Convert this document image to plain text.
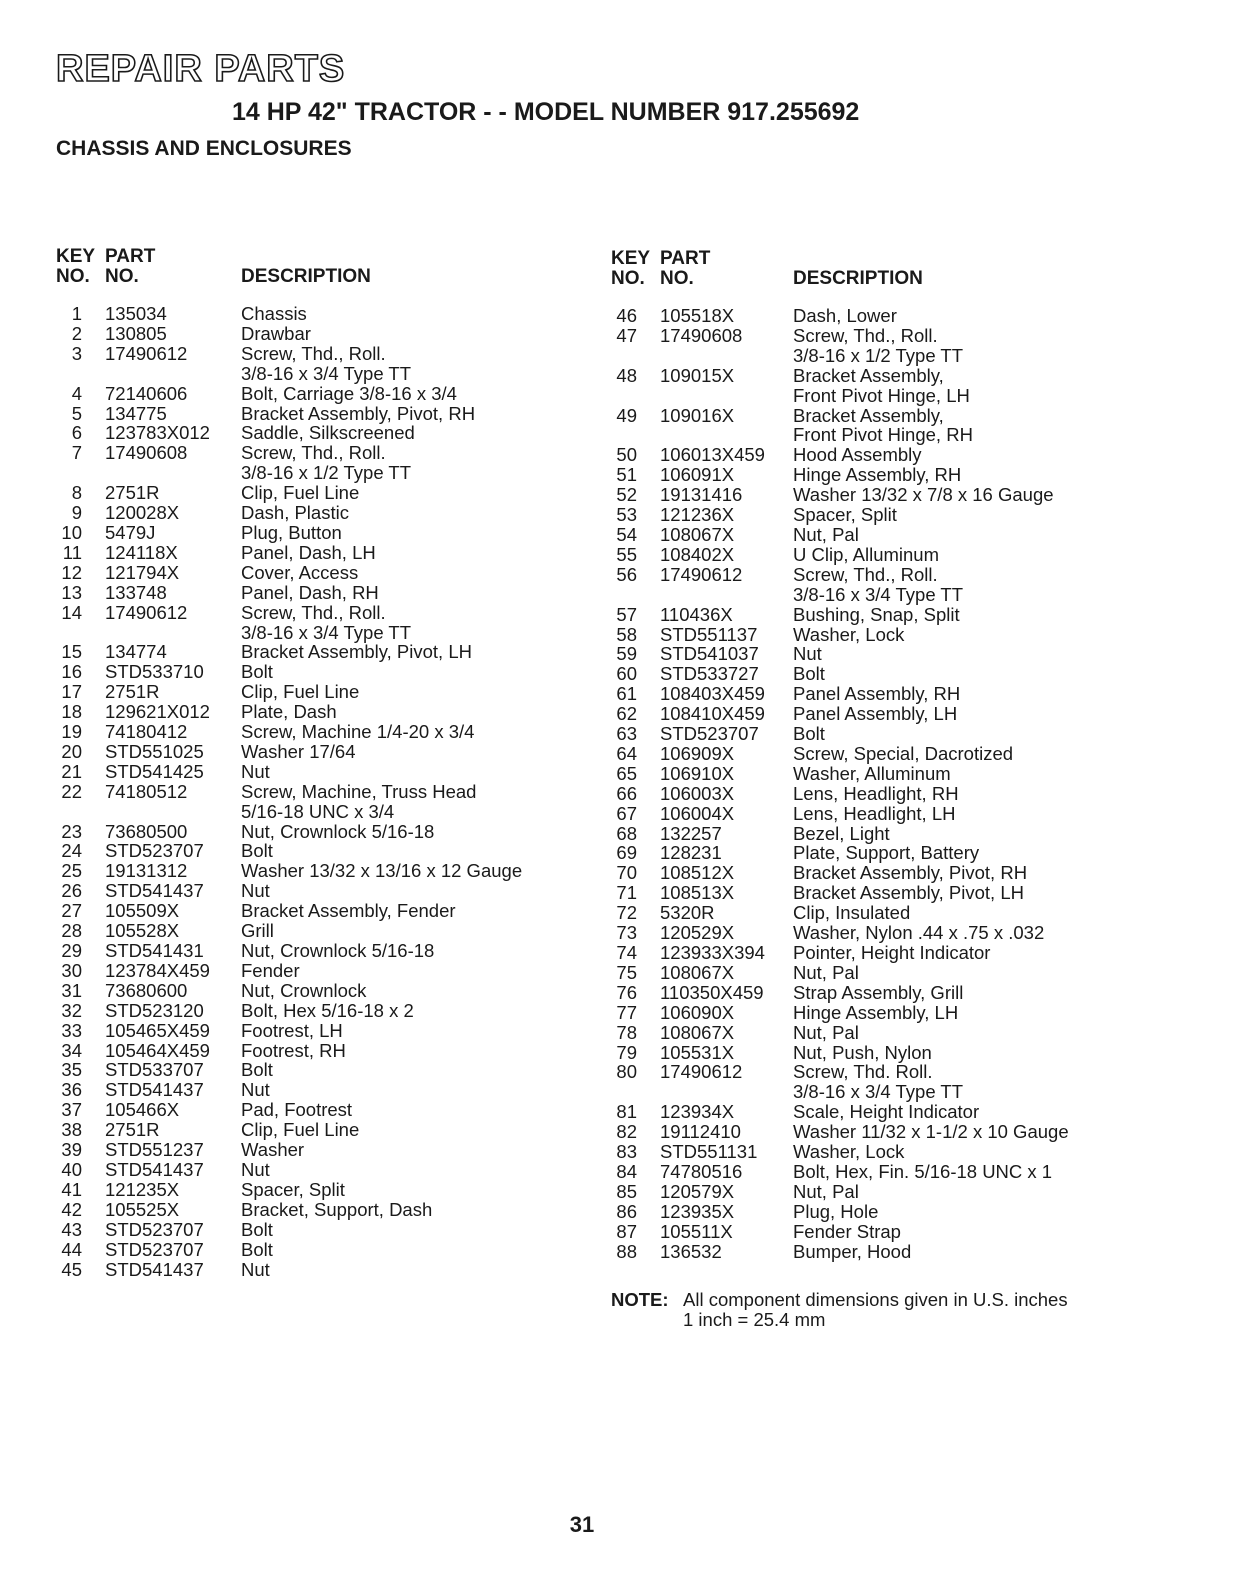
REPAIR PARTS
14 HP 42" TRACTOR - - MODEL NUMBER 917.255692
CHASSIS AND ENCLOSURES
KEY
NO.
PART
NO.	DESCRIPTION
1 135034	Chassis
2 130805	Drawbar
3 17490612	Screw, Thd., Roll.
3/8-16 x 3/4 Type TT
4 72140606	Bolt, Carriage 3/8-16 x 3/4
5 134775	Bracket Assembly, Pivot, RH
6 123783X012 Saddle, Silkscreened
7 17490608	Screw, Thd., Roll.
3/8-16 x 1/2 Type TT
8 2751R	Clip, Fuel Line
9 120028X	Dash, Plastic
10 5479J	Plug, Button
11 124118X	Panel, Dash, LH
12 121794X	Cover, Access
13 133748	Panel, Dash, RH
14 17490612	Screw, Thd., Roll.
3/8-16 x 3/4 Type TT
15 134774	Bracket Assembly, Pivot, LH
16 STD533710 Bolt
17 2751R	Clip, Fuel Line
18 129621X012 Plate, Dash
19 74180412	Screw, Machine 1/4-20 x 3/4
20 STD551025 Washer 17/64
21 STD541425 Nut
22 74180512	Screw, Machine, Truss Head
5/16-18 UNC x 3/4
23 73680500	Nut, Crownlock 5/16-18
24 STD523707 Bolt
25 19131312	Washer 13/32 x 13/16 x 12 Gauge
26 STD541437 Nut
27 105509X	Bracket Assembly, Fender
28 105528X	Grill
29 STD541431 Nut, Crownlock 5/16-18
30 123784X459 Fender
31 73680600	Nut, Crownlock
32 STD523120 Bolt, Hex 5/16-18 x 2
33 105465X459 Footrest, LH
34 105464X459 Footrest, RH
35 STD533707 Bolt
36 STD541437 Nut
37 105466X	Pad, Footrest
38 2751R	Clip, Fuel Line
39 STD551237 Washer
40 STD541437 Nut
41 121235X	Spacer, Split
42 105525X	Bracket, Support, Dash
43 STD523707 Bolt
44 STD523707 Bolt
45 STD541437 Nut
KEY
NO.
PART
NO.	DESCRIPTION
46 105518X	Dash, Lower
47 17490608	Screw, Thd., Roll.
3/8-16 x 1/2 Type TT
48 109015X	Bracket Assembly,
Front Pivot Hinge, LH
49 109016X	Bracket Assembly,
Front Pivot Hinge, RH
50 106013X459 Hood Assembly
51 106091X	Hinge Assembly, RH
52 19131416	Washer 13/32 x 7/8 x 16 Gauge
53 121236X	Spacer, Split
54 108067X	Nut, Pal
55 108402X	U Clip, Alluminum
56 17490612	Screw, Thd., Roll.
3/8-16 x 3/4 Type TT
57 110436X	Bushing, Snap, Split
58 STD551137 Washer, Lock
59 STD541037 Nut
60 STD533727 Bolt
61 108403X459 Panel Assembly, RH
62 108410X459 Panel Assembly, LH
63 STD523707 Bolt
64 106909X	Screw, Special, Dacrotized
65 106910X	Washer, Alluminum
66 106003X	Lens, Headlight, RH
67 106004X	Lens, Headlight, LH
68 132257	Bezel, Light
69 128231	Plate, Support, Battery
70 108512X	Bracket Assembly, Pivot, RH
71 108513X	Bracket Assembly, Pivot, LH
72 5320R	Clip, Insulated
73 120529X	Washer, Nylon .44 x .75 x .032
74 123933X394 Pointer, Height Indicator
75 108067X	Nut, Pal
76 110350X459 Strap Assembly, Grill
77 106090X	Hinge Assembly, LH
78 108067X	Nut, Pal
79 105531X	Nut, Push, Nylon
80 17490612	Screw, Thd. Roll.
3/8-16 x 3/4 Type TT
81 123934X	Scale, Height Indicator
82 19112410	Washer 11/32 x 1-1/2 x 10 Gauge
83 STD551131 Washer, Lock
84 74780516	Bolt, Hex, Fin. 5/16-18 UNC x 1
85 120579X	Nut, Pal
86 123935X	Plug, Hole
87 105511X	Fender Strap
88 136532	Bumper, Hood
NOTE: All component dimensions given in U.S. inches
1 inch = 25.4 mm
31
